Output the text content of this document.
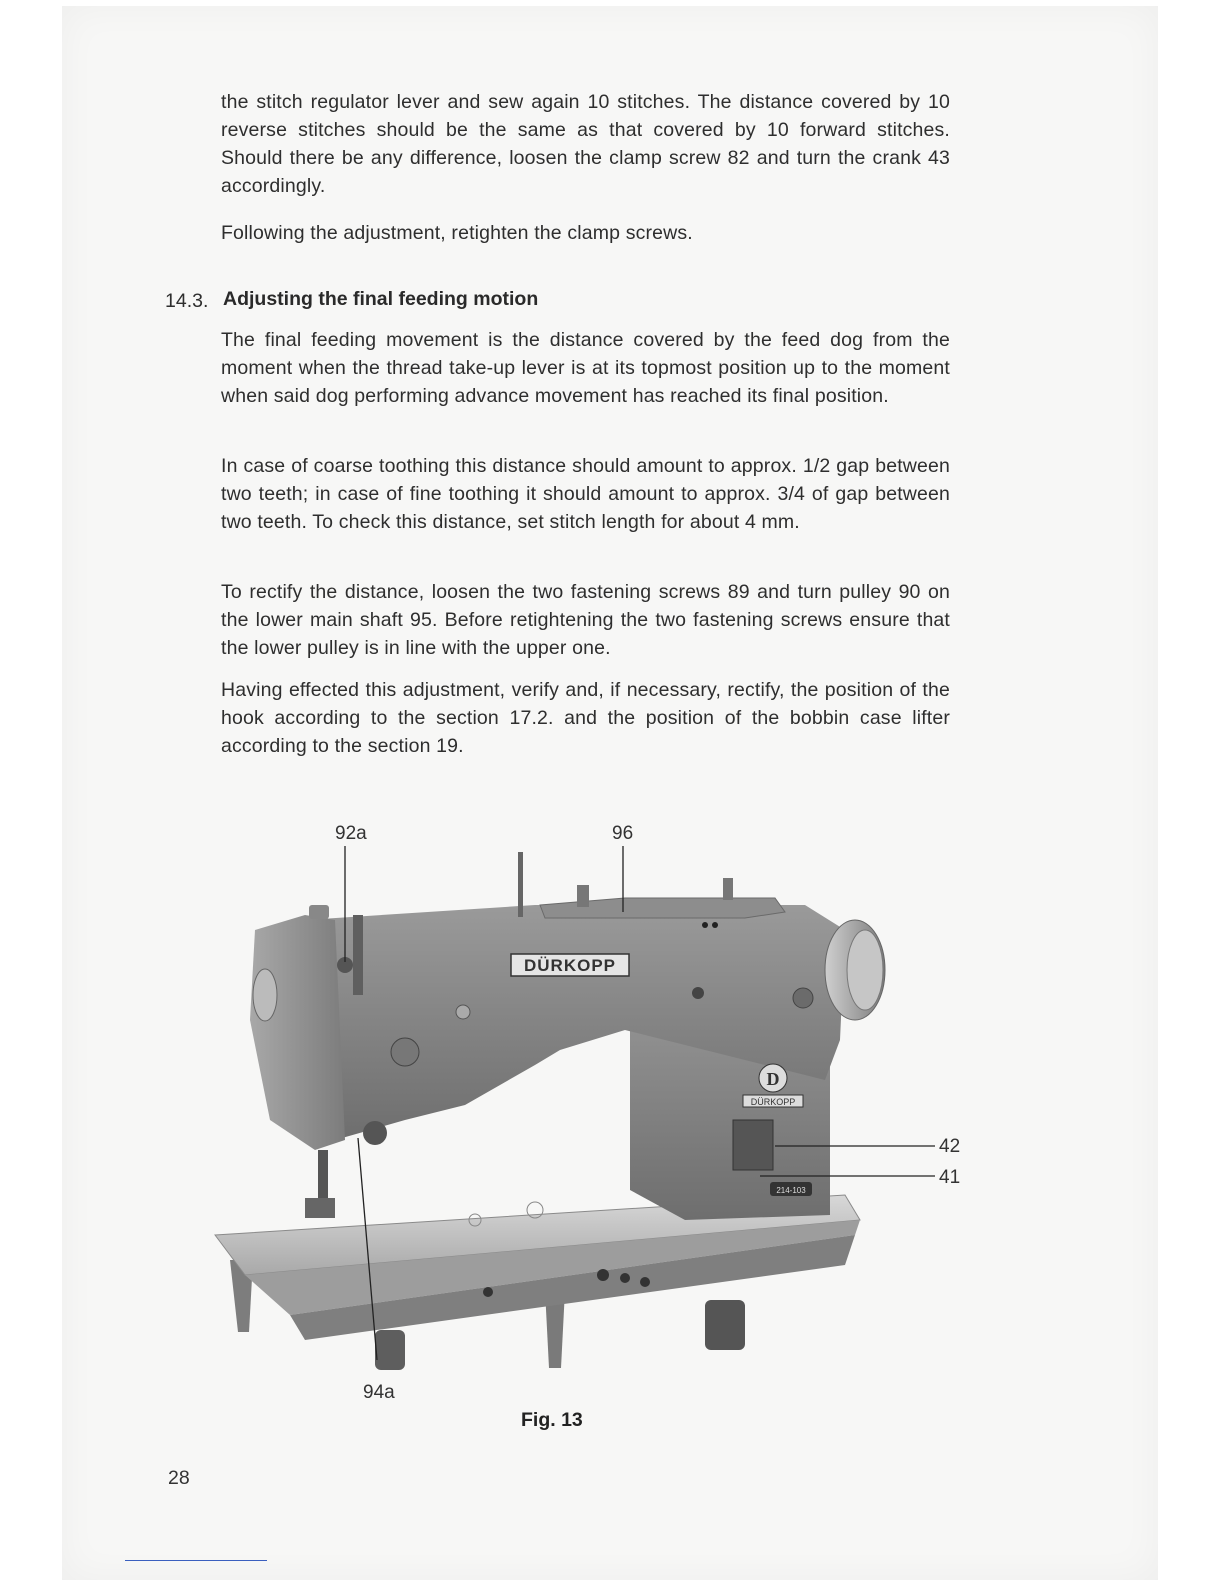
the stitch regulator lever and sew again 10 stitches. The distance covered by 10 reverse stitches should be the same as that covered by 10 forward stitches. Should there be any difference, loosen the clamp screw 82 and turn the crank 43 accordingly.

Following the adjustment, retighten the clamp screws.

14.3. Adjusting the final feeding motion

The final feeding movement is the distance covered by the feed dog from the moment when the thread take-up lever is at its topmost position up to the moment when said dog performing advance movement has reached its final position.

In case of coarse toothing this distance should amount to approx. 1/2 gap between two teeth; in case of fine toothing it should amount to approx. 3/4 of gap between two teeth. To check this distance, set stitch length for about 4 mm.

To rectify the distance, loosen the two fastening screws 89 and turn pulley 90 on the lower main shaft 95. Before retightening the two fastening screws ensure that the lower pulley is in line with the upper one.

Having effected this adjustment, verify and, if necessary, rectify, the position of the hook according to the section 17.2. and the position of the bobbin case lifter according to the section 19.

214-103
DÜRKOPP
D
DÜRKOPP
92a	96
42
41
94a
Fig. 13
28
